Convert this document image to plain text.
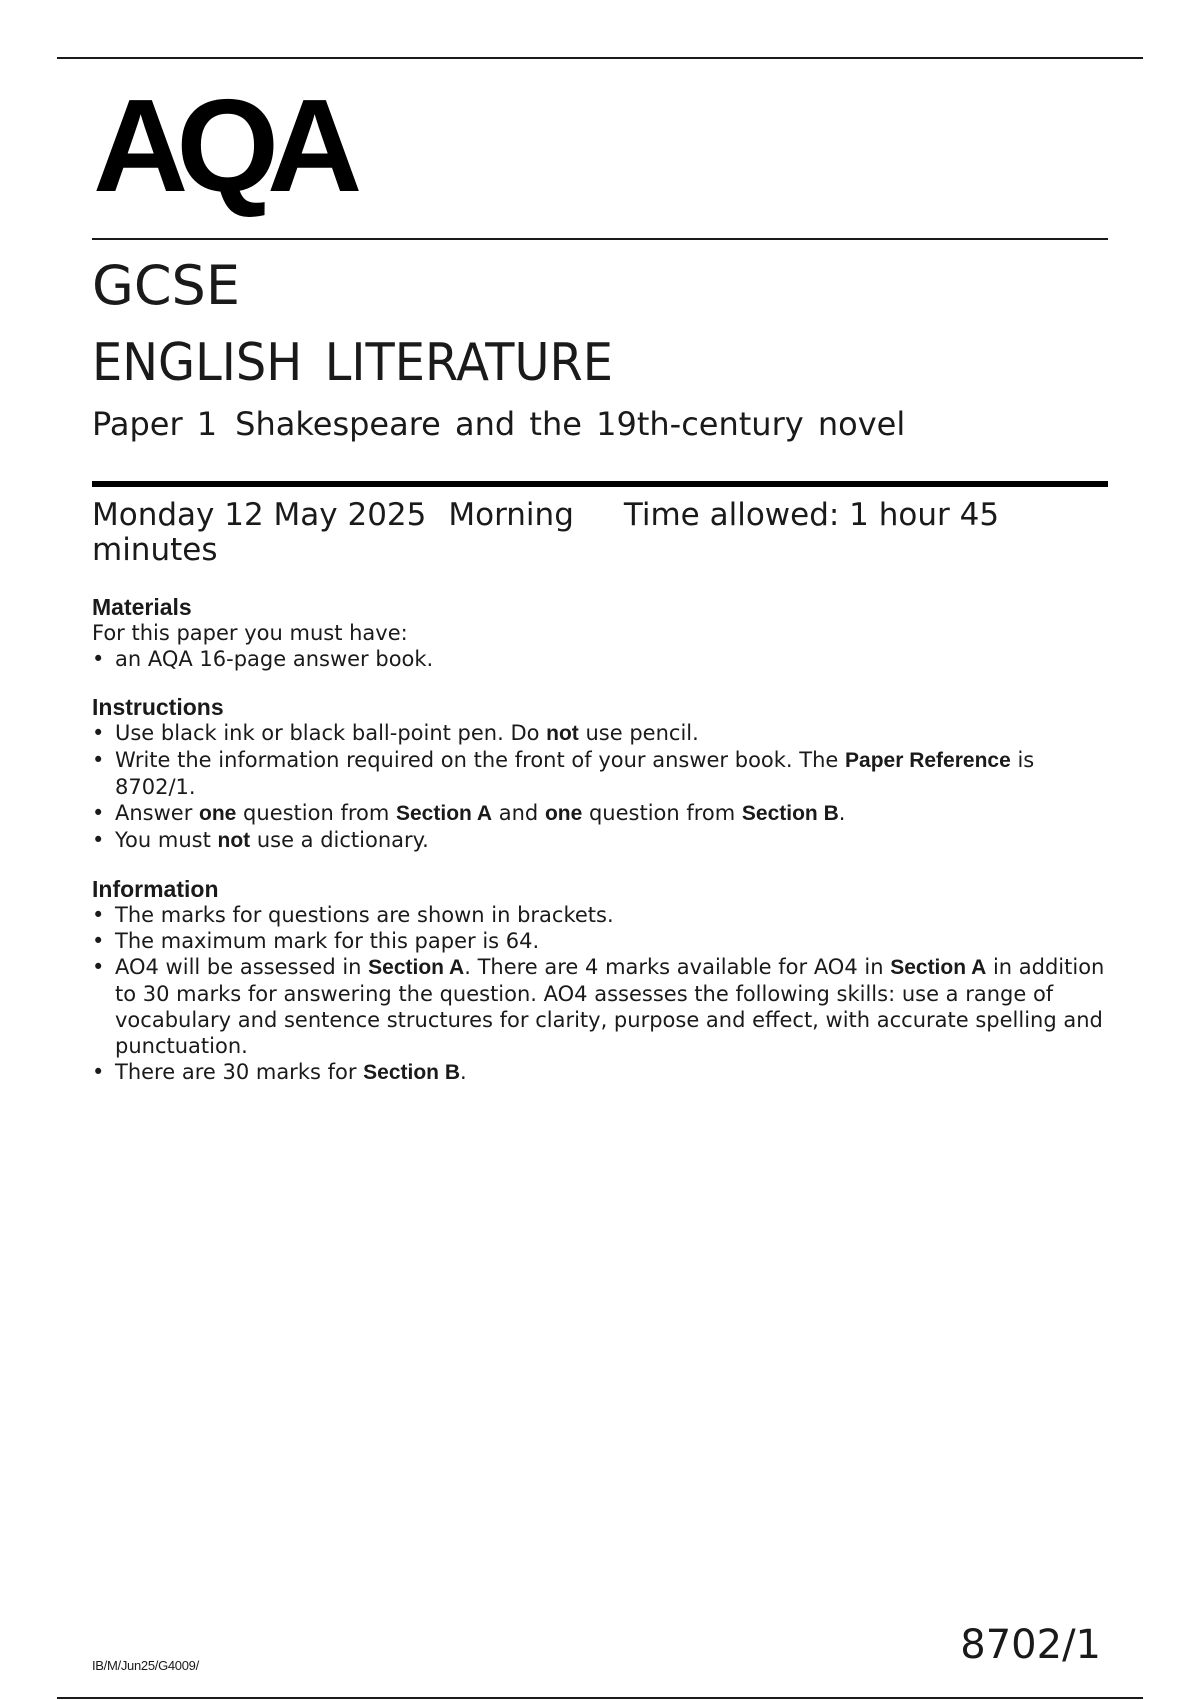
AQA
GCSE
ENGLISH LITERATURE
Paper 1 Shakespeare and the 19th-century novel
Monday 12 May 2025 Morning Time allowed: 1 hour 45 minutes

Materials

For this paper you must have:

• an AQA 16-page answer book.

Instructions

• Use black ink or black ball-point pen. Do not use pencil.
• Write the information required on the front of your answer book. The Paper Reference is 8702/1.
• Answer one question from Section A and one question from Section B.
• You must not use a dictionary.

Information

• The marks for questions are shown in brackets.
• The maximum mark for this paper is 64.
• AO4 will be assessed in Section A. There are 4 marks available for AO4 in Section A in addition to 30 marks for answering the question. AO4 assesses the following skills: use a range of vocabulary and sentence structures for clarity, purpose and effect, with accurate spelling and punctuation.
• There are 30 marks for Section B.
IB/M/Jun25/G4009/	8702/1
